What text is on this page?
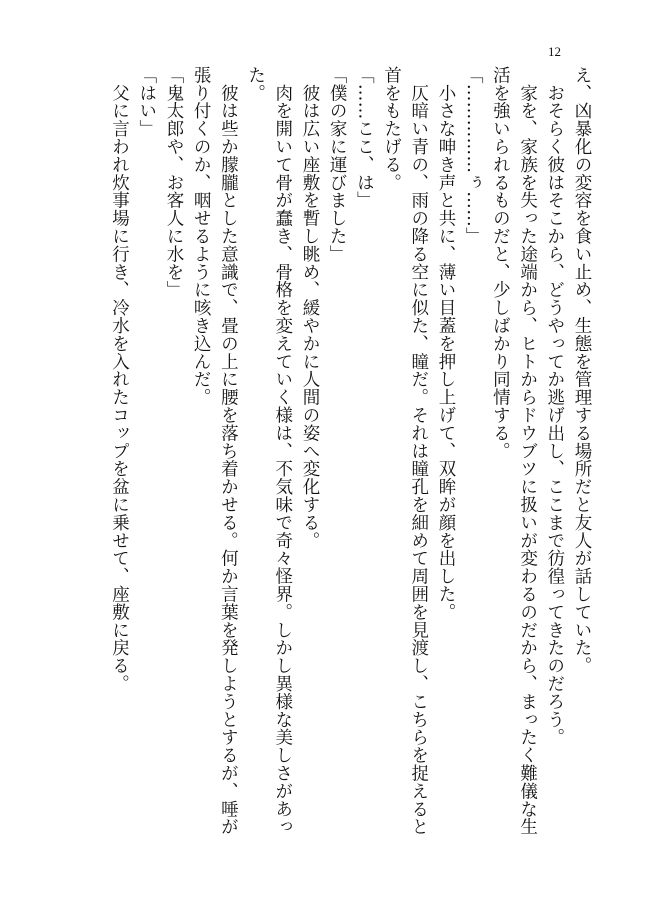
12
え、凶暴化の変容を食い止め、生態を管理する場所だと友人が話していた。
　おそらく彼はそこから、どうやってか逃げ出し、ここまで彷徨ってきたのだろう。
　家を、家族を失った途端から、ヒトからドウブツに扱いが変わるのだから、まったく難儀な生
活を強いられるものだと、少しばかり同情する。
「……………ぅ……」
　小さな呻き声と共に、薄い目蓋を押し上げて、双眸が顔を出した。
　仄暗い青の、雨の降る空に似た、瞳だ。それは瞳孔を細めて周囲を見渡し、こちらを捉えると
首をもたげる。
「……ここ、は」
「僕の家に運びました」
　彼は広い座敷を暫し眺め、緩やかに人間の姿へ変化する。
　肉を開いて骨が蠢き、骨格を変えていく様は、不気味で奇々怪界。しかし異様な美しさがあっ
た。
　彼は些か朦朧とした意識で、畳の上に腰を落ち着かせる。何か言葉を発しようとするが、唾が
張り付くのか、咽せるように咳き込んだ。
「鬼太郎や、お客人に水を」
「はい」
　父に言われ炊事場に行き、冷水を入れたコップを盆に乗せて、座敷に戻る。
